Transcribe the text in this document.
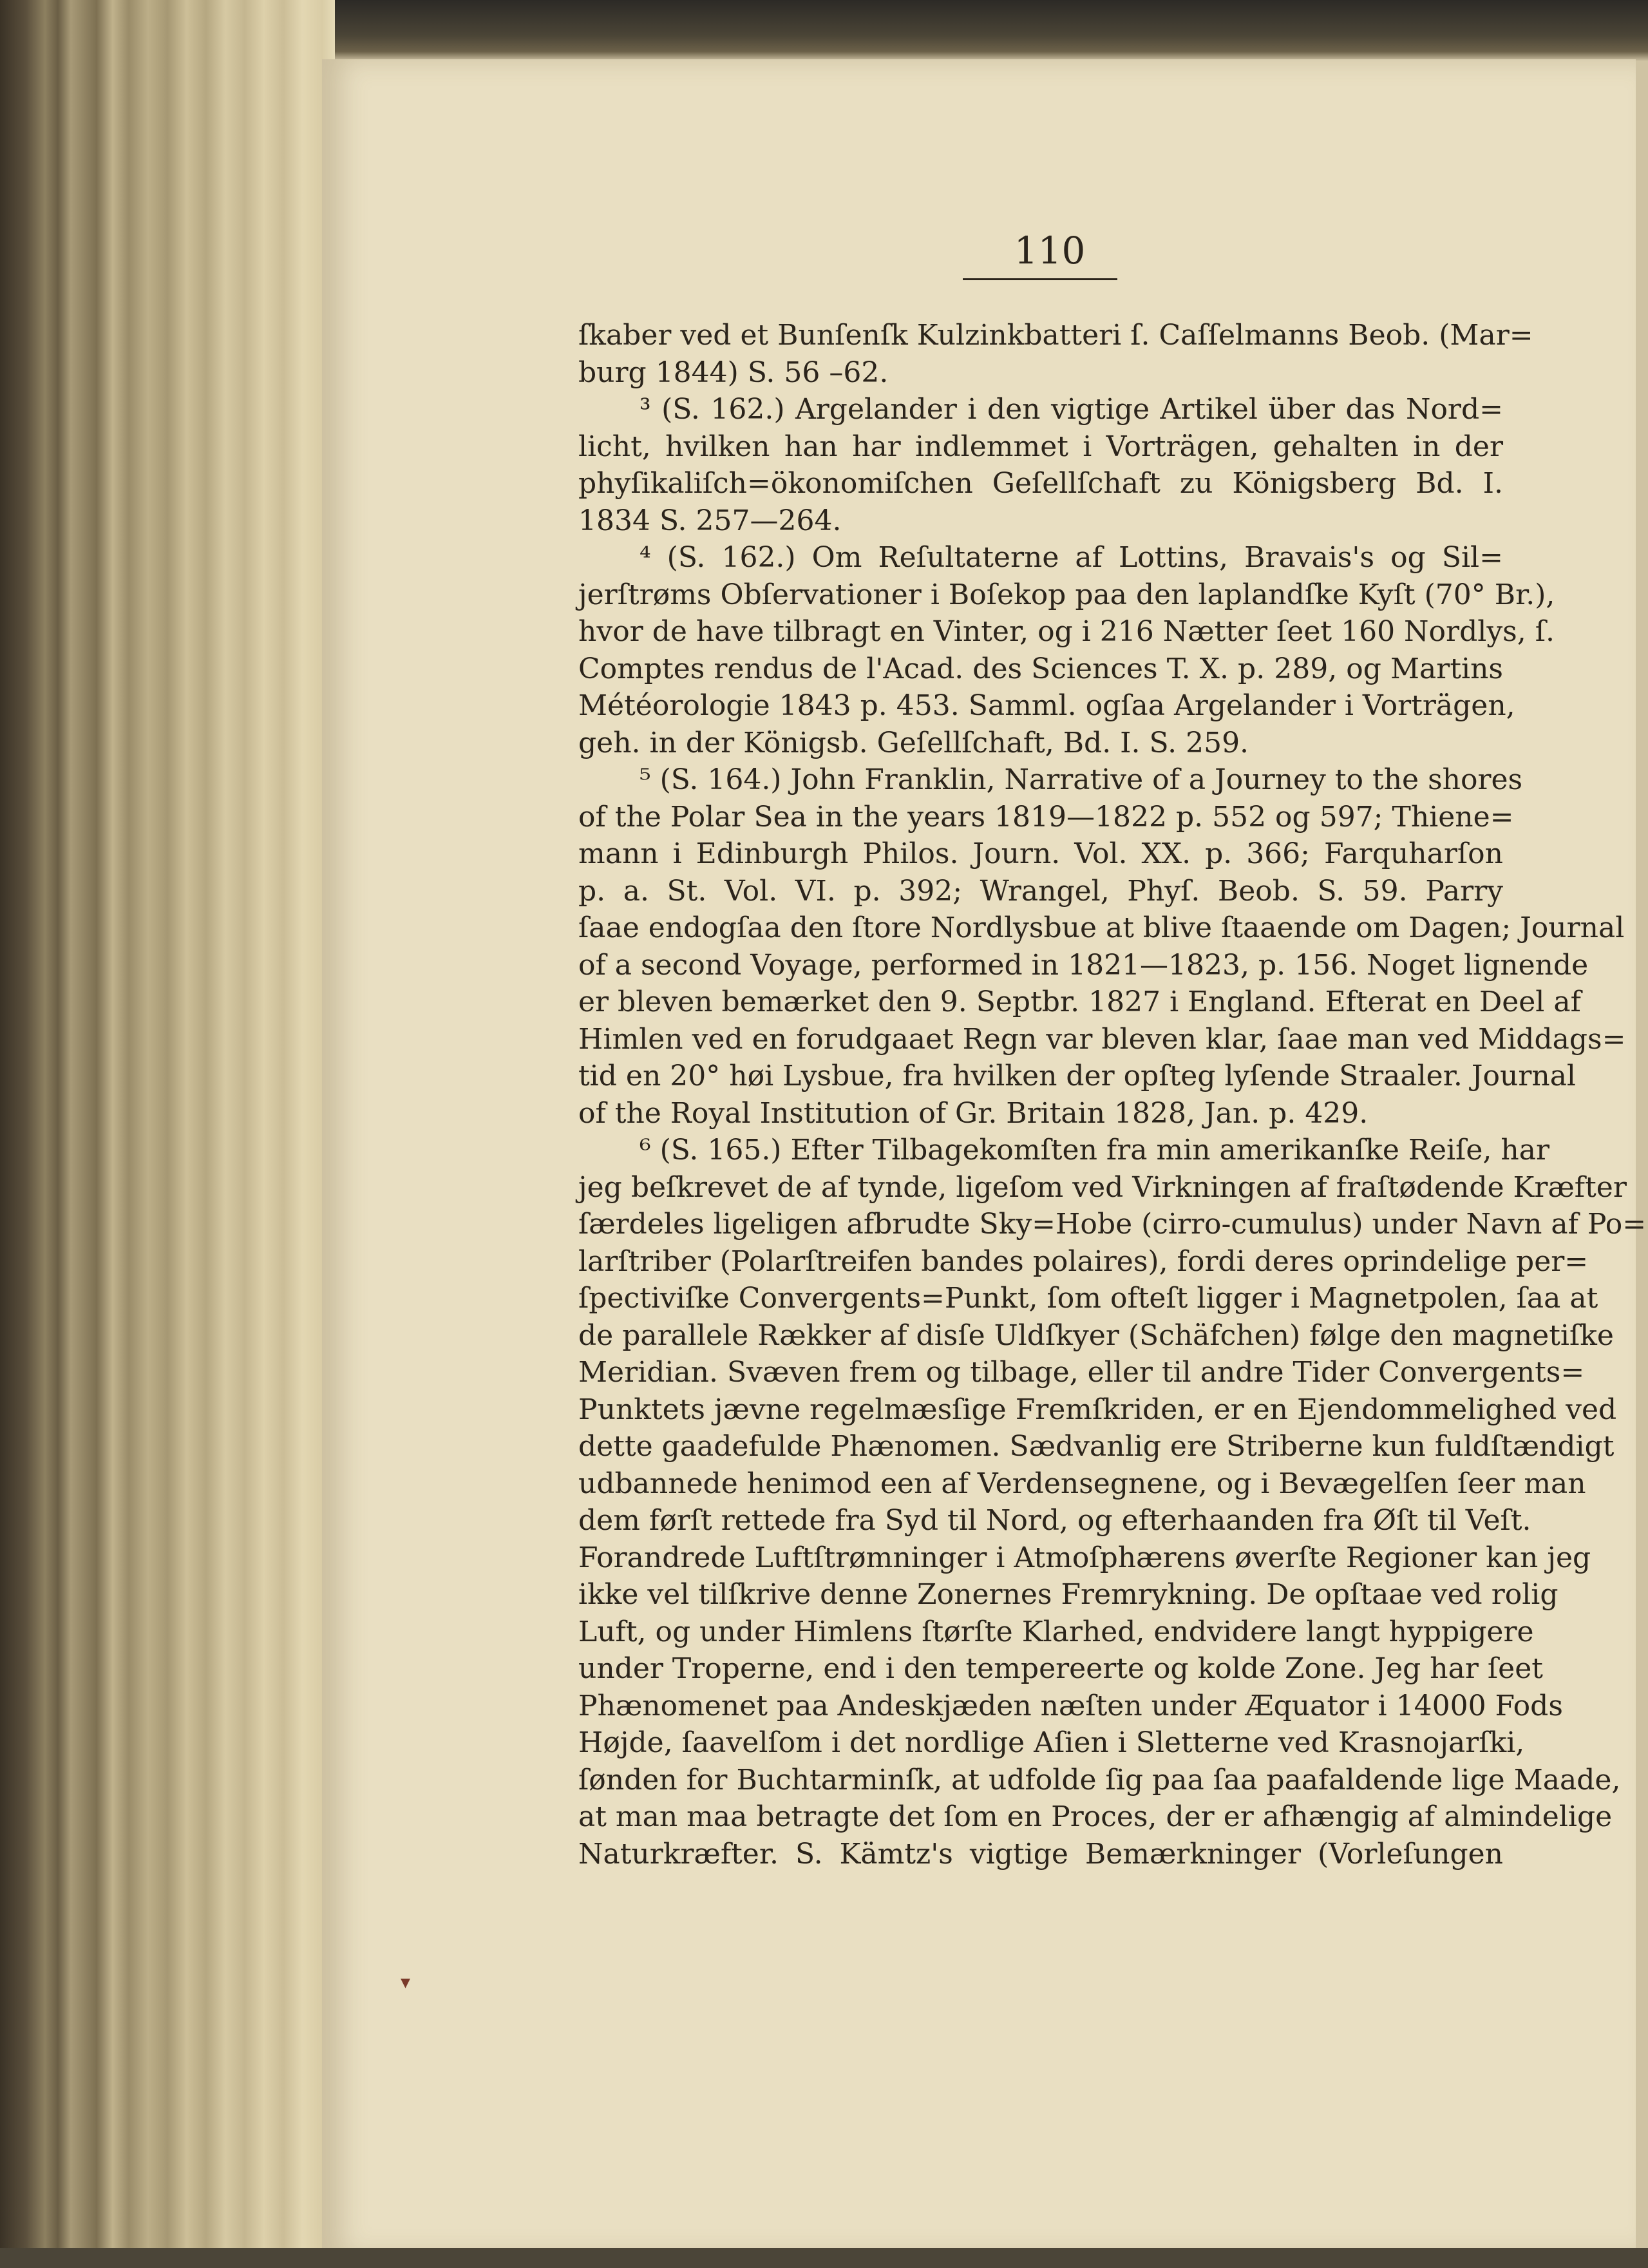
110
ſkaber ved et Bunſenſk Kulzinkbatteri ſ. Caſſelmanns Beob. (Mar=
burg 1844) S. 56 –62.
³ (S. 162.) Argelander i den vigtige Artikel über das Nord=
licht, hvilken han har indlemmet i Vorträgen, gehalten in der
phyſikaliſch=ökonomiſchen Geſellſchaft zu Königsberg Bd. I.
1834 S. 257—264.
⁴ (S. 162.) Om Reſultaterne af Lottins, Bravais's og Sil=
jerſtrøms Obſervationer i Boſekop paa den laplandſke Kyſt (70° Br.),
hvor de have tilbragt en Vinter, og i 216 Nætter ſeet 160 Nordlys, ſ.
Comptes rendus de l'Acad. des Sciences T. X. p. 289, og Martins
Météorologie 1843 p. 453. Samml. ogſaa Argelander i Vorträgen,
geh. in der Königsb. Geſellſchaft, Bd. I. S. 259.
⁵ (S. 164.) John Franklin, Narrative of a Journey to the shores
of the Polar Sea in the years 1819—1822 p. 552 og 597; Thiene=
mann i Edinburgh Philos. Journ. Vol. XX. p. 366; Farquharſon
p. a. St. Vol. VI. p. 392; Wrangel, Phyſ. Beob. S. 59. Parry
ſaae endogſaa den ſtore Nordlysbue at blive ſtaaende om Dagen; Journal
of a second Voyage, performed in 1821—1823, p. 156. Noget lignende
er bleven bemærket den 9. Septbr. 1827 i England. Efterat en Deel af
Himlen ved en forudgaaet Regn var bleven klar, ſaae man ved Middags=
tid en 20° høi Lysbue, fra hvilken der opſteg lyſende Straaler. Journal
of the Royal Institution of Gr. Britain 1828, Jan. p. 429.
⁶ (S. 165.) Efter Tilbagekomſten fra min amerikanſke Reiſe, har
jeg beſkrevet de af tynde, ligeſom ved Virkningen af fraſtødende Kræfter
ſærdeles ligeligen afbrudte Sky=Hobe (cirro-cumulus) under Navn af Po=
larſtriber (Polarſtreifen bandes polaires), fordi deres oprindelige per=
ſpectiviſke Convergents=Punkt, ſom ofteſt ligger i Magnetpolen, ſaa at
de parallele Rækker af disſe Uldſkyer (Schäfchen) følge den magnetiſke
Meridian. Svæven frem og tilbage, eller til andre Tider Convergents=
Punktets jævne regelmæsſige Fremſkriden, er en Ejendommelighed ved
dette gaadefulde Phænomen. Sædvanlig ere Striberne kun fuldſtændigt
udbannede henimod een af Verdensegnene, og i Bevægelſen ſeer man
dem førſt rettede fra Syd til Nord, og efterhaanden fra Øſt til Veſt.
Forandrede Luftſtrømninger i Atmoſphærens øverſte Regioner kan jeg
ikke vel tilſkrive denne Zonernes Fremrykning. De opſtaae ved rolig
Luft, og under Himlens ſtørſte Klarhed, endvidere langt hyppigere
under Troperne, end i den tempereerte og kolde Zone. Jeg har ſeet
Phænomenet paa Andeskjæden næſten under Æquator i 14000 Fods
Højde, ſaavelſom i det nordlige Aſien i Sletterne ved Krasnojarſki,
ſønden for Buchtarminſk, at udfolde ſig paa ſaa paafaldende lige Maade,
at man maa betragte det ſom en Proces, der er afhængig af almindelige
Naturkræfter. S. Kämtz's vigtige Bemærkninger (Vorleſungen
▾
